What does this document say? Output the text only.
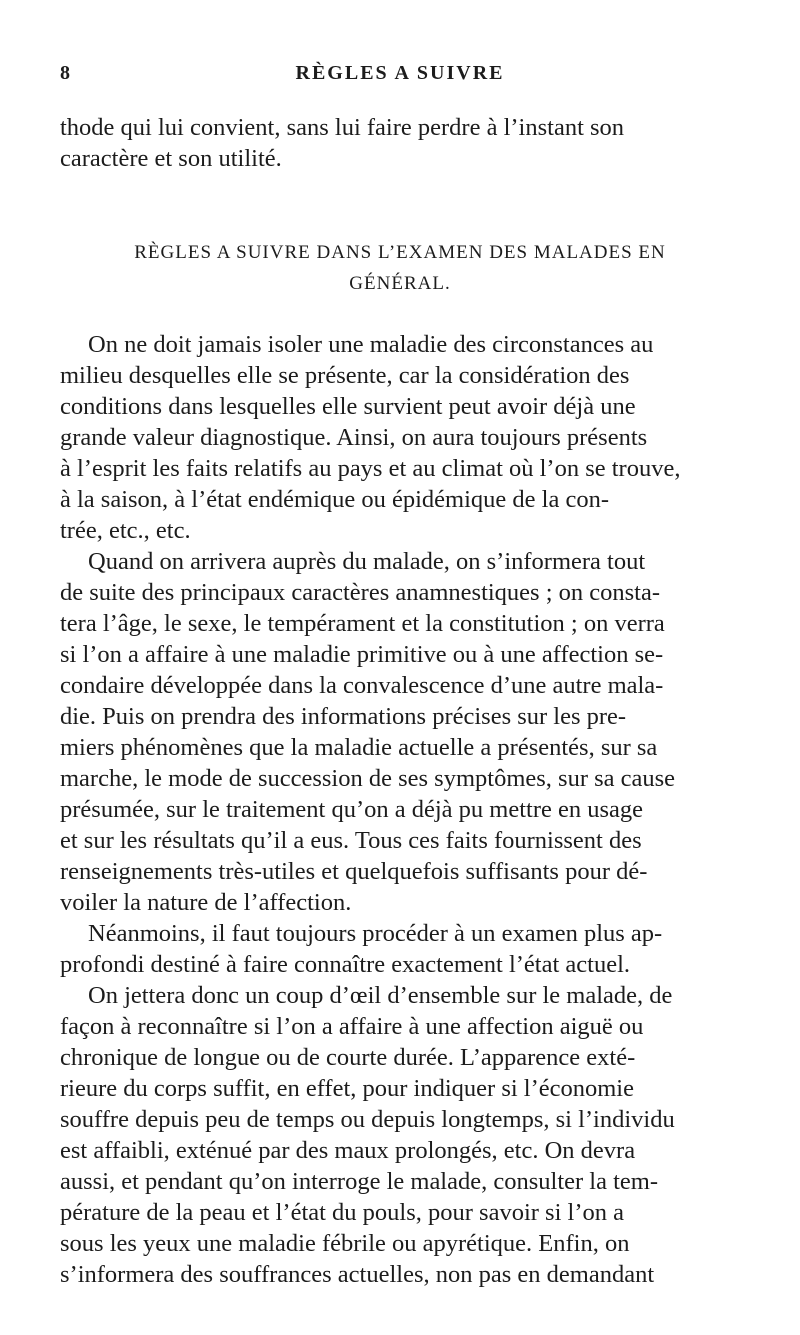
8	RÈGLES A SUIVRE
thode qui lui convient, sans lui faire perdre à l’instant son
caractère et son utilité.
RÈGLES A SUIVRE DANS L’EXAMEN DES MALADES EN
GÉNÉRAL.

On ne doit jamais isoler une maladie des circonstances au
milieu desquelles elle se présente, car la considération des
conditions dans lesquelles elle survient peut avoir déjà une
grande valeur diagnostique. Ainsi, on aura toujours présents
à l’esprit les faits relatifs au pays et au climat où l’on se trouve,
à la saison, à l’état endémique ou épidémique de la con-
trée, etc., etc.

Quand on arrivera auprès du malade, on s’informera tout
de suite des principaux caractères anamnestiques ; on consta-
tera l’âge, le sexe, le tempérament et la constitution ; on verra
si l’on a affaire à une maladie primitive ou à une affection se-
condaire développée dans la convalescence d’une autre mala-
die. Puis on prendra des informations précises sur les pre-
miers phénomènes que la maladie actuelle a présentés, sur sa
marche, le mode de succession de ses symptômes, sur sa cause
présumée, sur le traitement qu’on a déjà pu mettre en usage
et sur les résultats qu’il a eus. Tous ces faits fournissent des
renseignements très-utiles et quelquefois suffisants pour dé-
voiler la nature de l’affection.

Néanmoins, il faut toujours procéder à un examen plus ap-
profondi destiné à faire connaître exactement l’état actuel.

On jettera donc un coup d’œil d’ensemble sur le malade, de
façon à reconnaître si l’on a affaire à une affection aiguë ou
chronique de longue ou de courte durée. L’apparence exté-
rieure du corps suffit, en effet, pour indiquer si l’économie
souffre depuis peu de temps ou depuis longtemps, si l’individu
est affaibli, exténué par des maux prolongés, etc. On devra
aussi, et pendant qu’on interroge le malade, consulter la tem-
pérature de la peau et l’état du pouls, pour savoir si l’on a
sous les yeux une maladie fébrile ou apyrétique. Enfin, on
s’informera des souffrances actuelles, non pas en demandant
